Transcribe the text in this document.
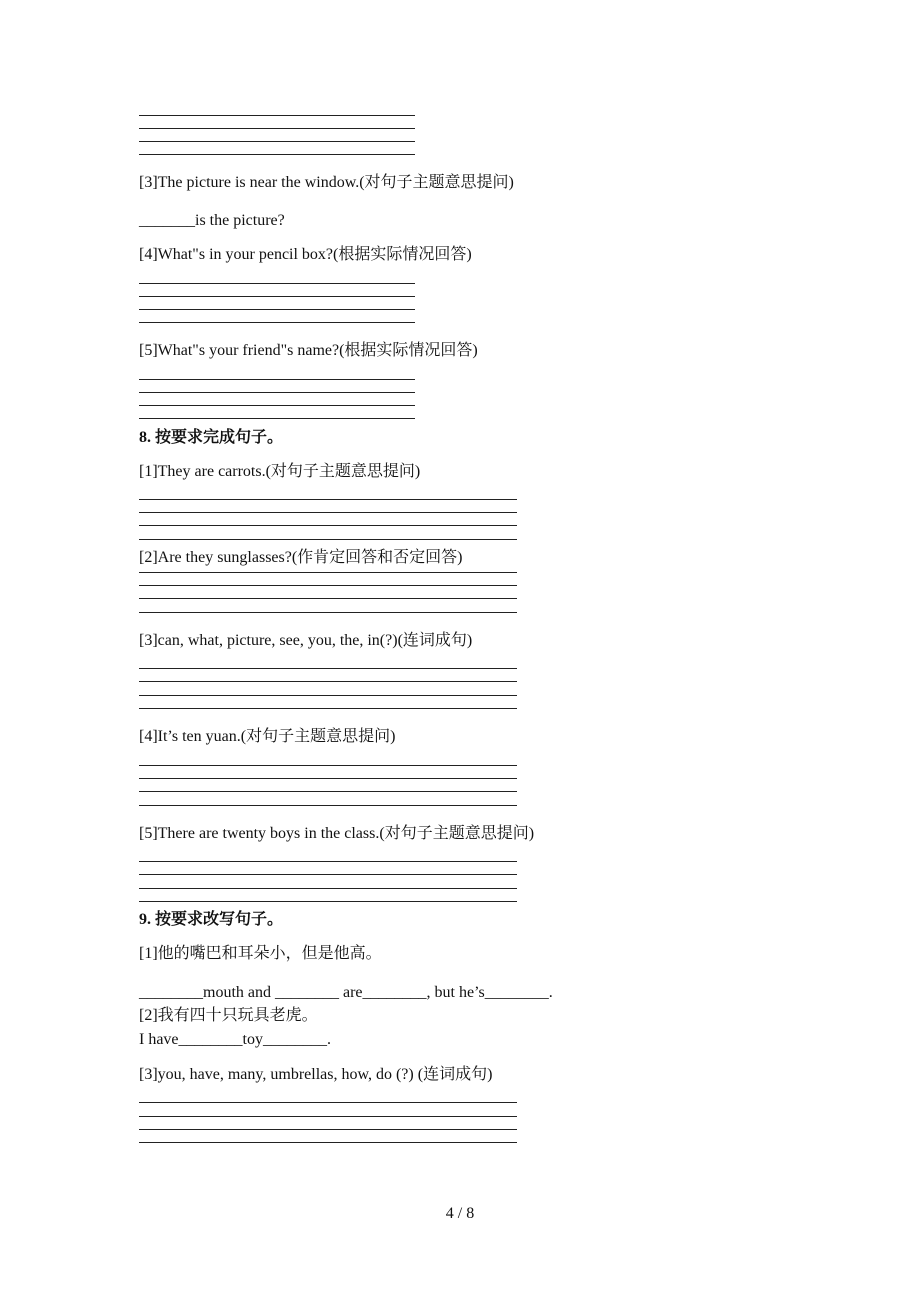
[3]The picture is near the window.(对句子主题意思提问)
_______is the picture?
[4]What"s in your pencil box?(根据实际情况回答)
[5]What"s your friend"s name?(根据实际情况回答)
8. 按要求完成句子。
[1]They are carrots.(对句子主题意思提问)
[2]Are they sunglasses?(作肯定回答和否定回答)
[3]can, what, picture, see, you, the, in(?)(连词成句)
[4]It’s ten yuan.(对句子主题意思提问)
[5]There are twenty boys in the class.(对句子主题意思提问)
9. 按要求改写句子。
[1]他的嘴巴和耳朵小，但是他高。
________mouth and ________ are________, but he’s________.
[2]我有四十只玩具老虎。
I have________toy________.
[3]you, have, many, umbrellas, how, do (?) (连词成句)
4 / 8
